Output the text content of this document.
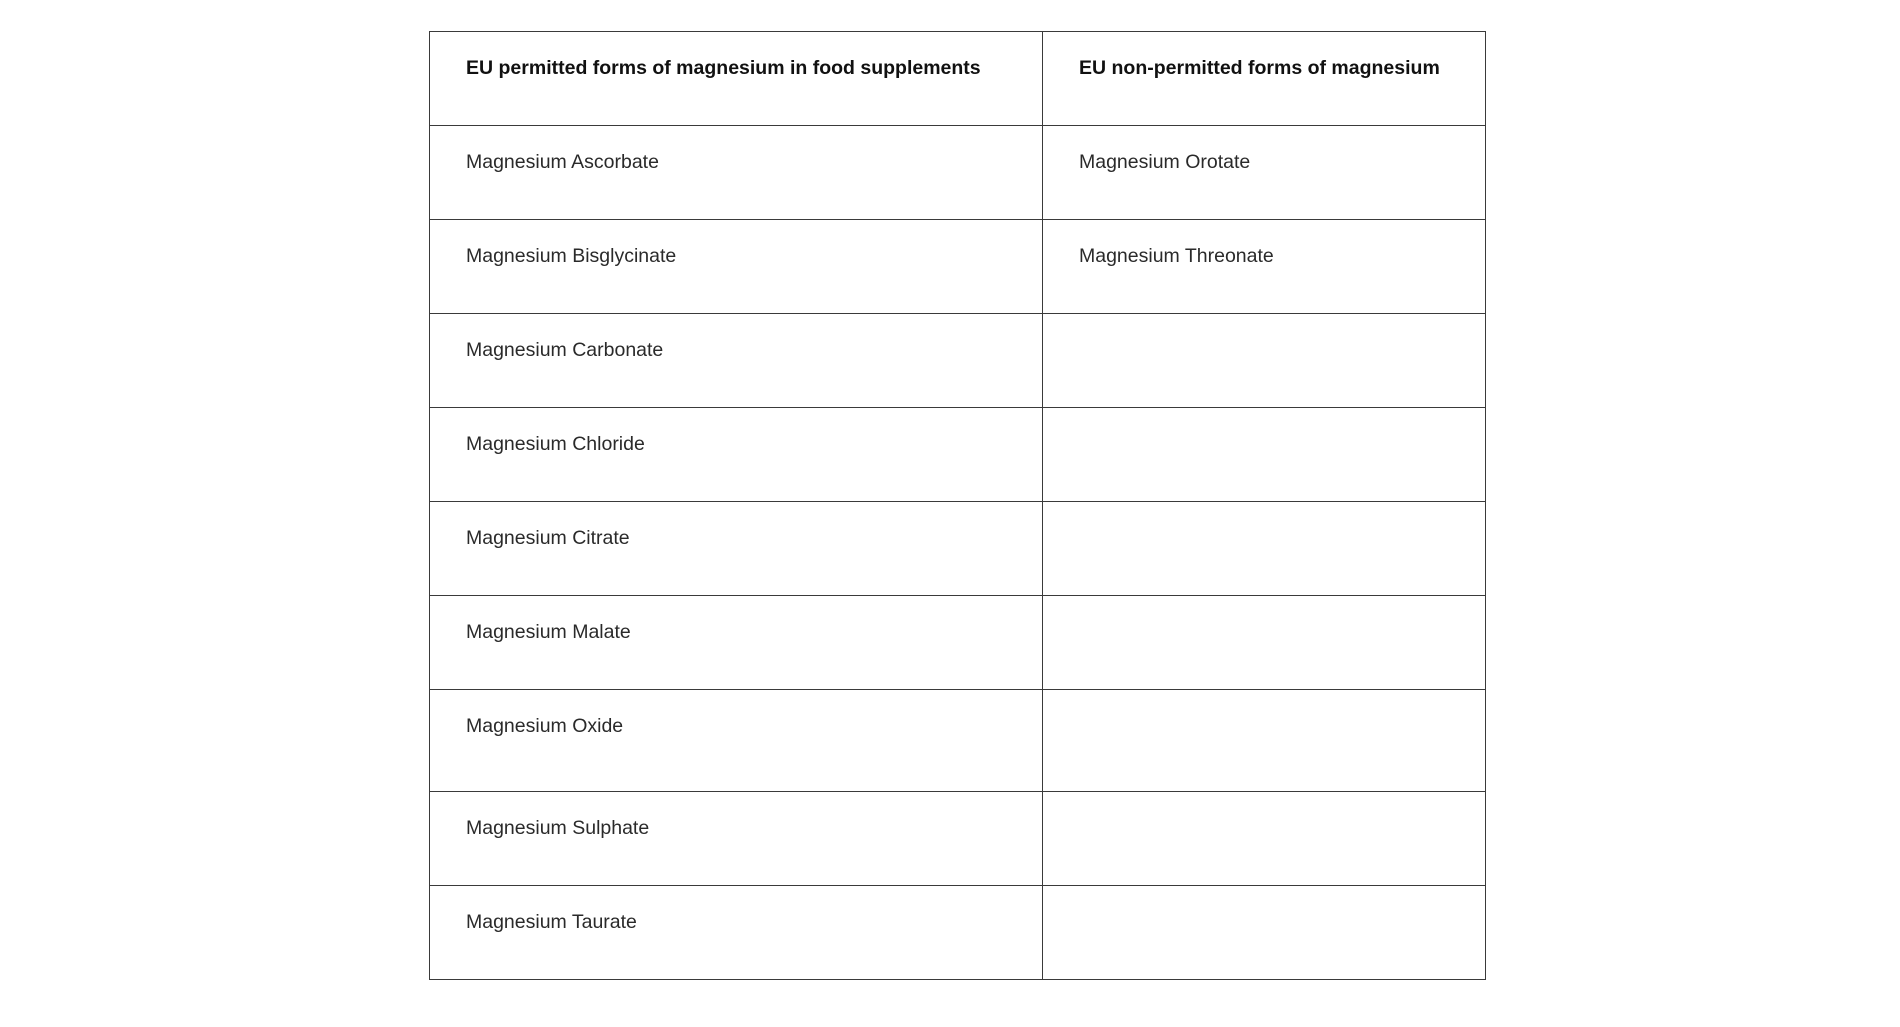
EU permitted forms of magnesium in food supplements	EU non-permitted forms of magnesium
Magnesium Ascorbate	Magnesium Orotate
Magnesium Bisglycinate	Magnesium Threonate
Magnesium Carbonate	
Magnesium Chloride	
Magnesium Citrate	
Magnesium Malate	
Magnesium Oxide	
Magnesium Sulphate	
Magnesium Taurate	
